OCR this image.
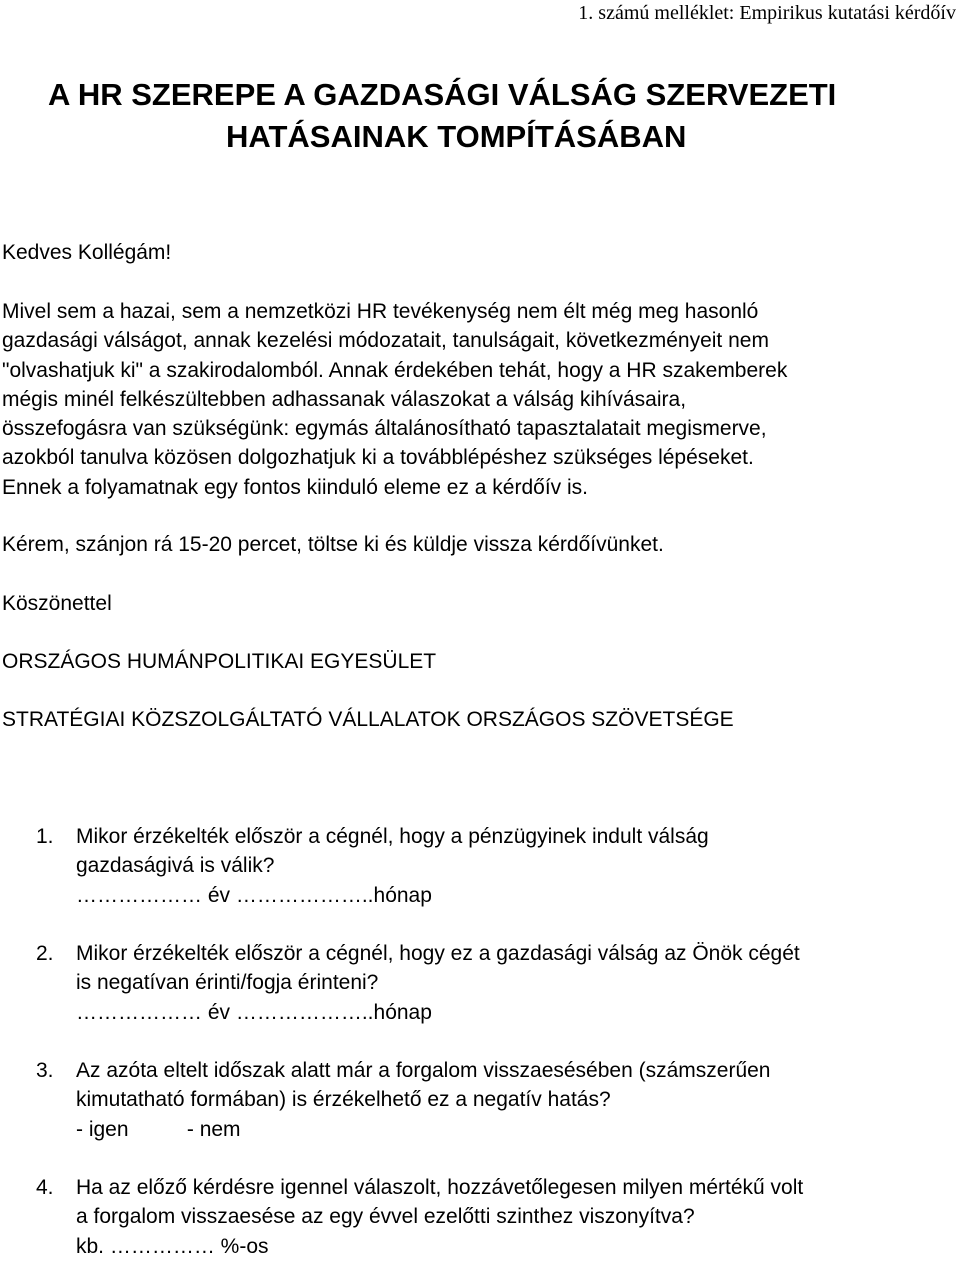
1. számú melléklet: Empirikus kutatási kérdőív
A HR SZEREPE A GAZDASÁGI VÁLSÁG SZERVEZETI
HATÁSAINAK TOMPÍTÁSÁBAN
Kedves Kollégám!
Mivel sem a hazai, sem a nemzetközi HR tevékenység nem élt még meg hasonló
gazdasági válságot, annak kezelési módozatait, tanulságait, következményeit nem
"olvashatjuk ki" a szakirodalomból. Annak érdekében tehát, hogy a HR szakemberek
mégis minél felkészültebben adhassanak válaszokat a válság kihívásaira,
összefogásra van szükségünk: egymás általánosítható tapasztalatait megismerve,
azokból tanulva közösen dolgozhatjuk ki a továbblépéshez szükséges lépéseket.
Ennek a folyamatnak egy fontos kiinduló eleme ez a kérdőív is.
Kérem, szánjon rá 15-20 percet, töltse ki és küldje vissza kérdőívünket.
Köszönettel
ORSZÁGOS HUMÁNPOLITIKAI EGYESÜLET
STRATÉGIAI KÖZSZOLGÁLTATÓ VÁLLALATOK ORSZÁGOS SZÖVETSÉGE
1. Mikor érzékelték először a cégnél, hogy a pénzügyinek indult válság
gazdaságivá is válik?
……………… év ………………..hónap
2. Mikor érzékelték először a cégnél, hogy ez a gazdasági válság az Önök cégét
is negatívan érinti/fogja érinteni?
……………… év ………………..hónap
3. Az azóta eltelt időszak alatt már a forgalom visszaesésében (számszerűen
kimutatható formában) is érzékelhető ez a negatív hatás?
- igen          - nem
4. Ha az előző kérdésre igennel válaszolt, hozzávetőlegesen milyen mértékű volt
a forgalom visszaesése az egy évvel ezelőtti szinthez viszonyítva?
kb. …………… %-os
